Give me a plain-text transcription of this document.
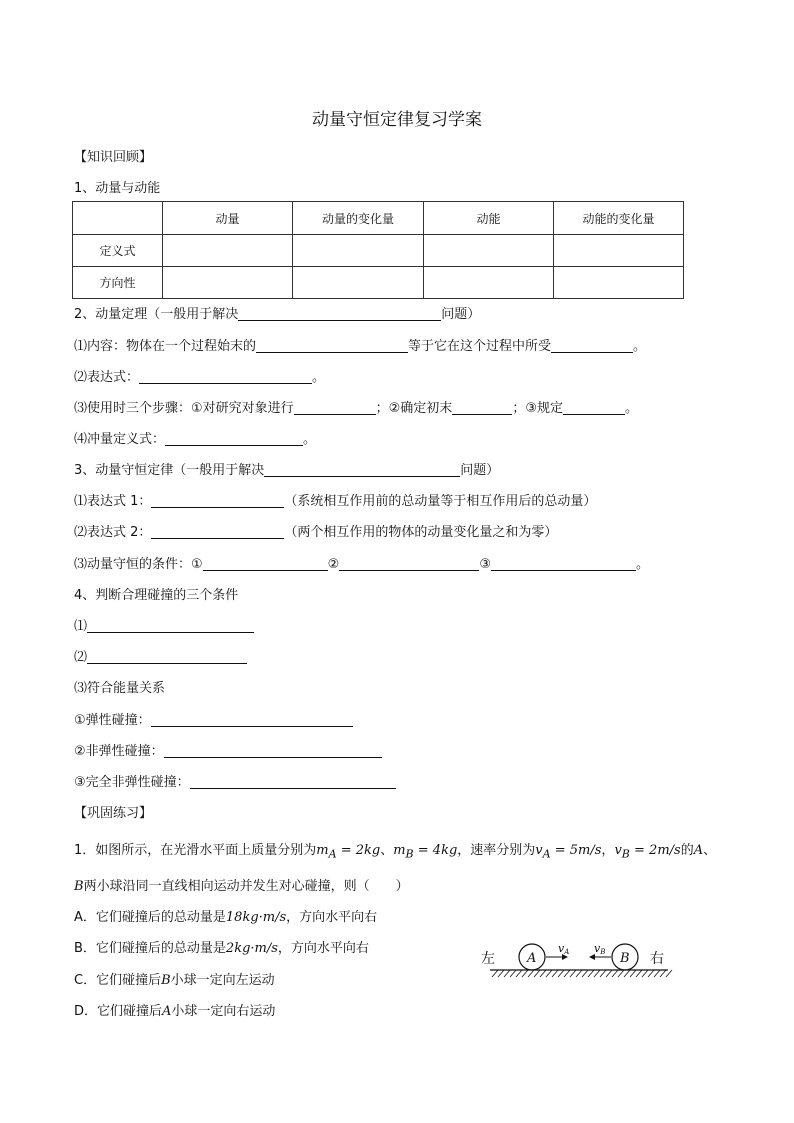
动量守恒定律复习学案
【知识回顾】
1、动量与动能
	动量	动量的变化量	动能	动能的变化量
定义式				
方向性				
2、动量定理（一般用于解决	问题）
⑴内容：物体在一个过程始末的	等于它在这个过程中所受	。
⑵表达式：	。
⑶使用时三个步骤：①对研究对象进行	；②确定初末	；③规定	。
⑷冲量定义式：	。
3、动量守恒定律（一般用于解决	问题）
⑴表达式 1：	（系统相互作用前的总动量等于相互作用后的总动量）
⑵表达式 2：	（两个相互作用的物体的动量变化量之和为零）
⑶动量守恒的条件：①	②	③	。
4、判断合理碰撞的三个条件
⑴
⑵
⑶符合能量关系
①弹性碰撞：
②非弹性碰撞：
③完全非弹性碰撞：
【巩固练习】
1．如图所示，在光滑水平面上质量分别为$m_A = 2kg$、$m_B = 4kg$，速率分别为$v_A = 5m/s$，$v_B = 2m/s$的A、
B两小球沿同一直线相向运动并发生对心碰撞，则（　　）
A．它们碰撞后的总动量是18kg·m/s，方向水平向右
B．它们碰撞后的总动量是2kg·m/s，方向水平向右
C．它们碰撞后B小球一定向左运动
D．它们碰撞后A小球一定向右运动
左	右
A	B
vA vB
